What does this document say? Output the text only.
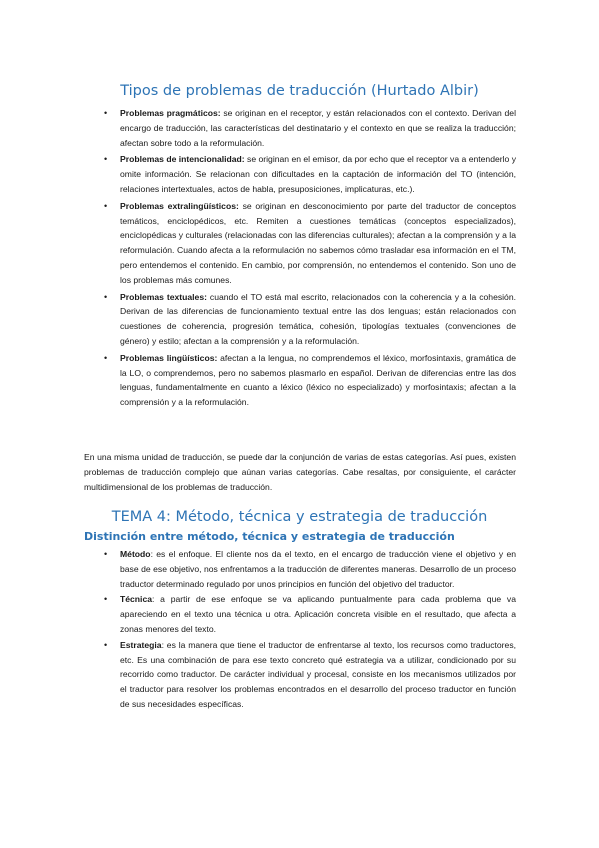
Tipos de problemas de traducción (Hurtado Albir)
• Problemas pragmáticos: se originan en el receptor, y están relacionados con el contexto. Derivan del encargo de traducción, las características del destinatario y el contexto en que se realiza la traducción; afectan sobre todo a la reformulación.
• Problemas de intencionalidad: se originan en el emisor, da por echo que el receptor va a entenderlo y omite información. Se relacionan con dificultades en la captación de información del TO (intención, relaciones intertextuales, actos de habla, presuposiciones, implicaturas, etc.).
• Problemas extralingüísticos: se originan en desconocimiento por parte del traductor de conceptos temáticos, enciclopédicos, etc. Remiten a cuestiones temáticas (conceptos especializados), enciclopédicas y culturales (relacionadas con las diferencias culturales); afectan a la comprensión y a la reformulación. Cuando afecta a la reformulación no sabemos cómo trasladar esa información en el TM, pero entendemos el contenido. En cambio, por comprensión, no entendemos el contenido. Son uno de los problemas más comunes.
• Problemas textuales: cuando el TO está mal escrito, relacionados con la coherencia y a la cohesión. Derivan de las diferencias de funcionamiento textual entre las dos lenguas; están relacionados con cuestiones de coherencia, progresión temática, cohesión, tipologías textuales (convenciones de género) y estilo; afectan a la comprensión y a la reformulación.
• Problemas lingüísticos: afectan a la lengua, no comprendemos el léxico, morfosintaxis, gramática de la LO, o comprendemos, pero no sabemos plasmarlo en español. Derivan de diferencias entre las dos lenguas, fundamentalmente en cuanto a léxico (léxico no especializado) y morfosintaxis; afectan a la comprensión y a la reformulación.

En una misma unidad de traducción, se puede dar la conjunción de varias de estas categorías. Así pues, existen problemas de traducción complejo que aúnan varias categorías. Cabe resaltas, por consiguiente, el carácter multidimensional de los problemas de traducción.

TEMA 4: Método, técnica y estrategia de traducción
Distinción entre método, técnica y estrategia de traducción
• Método: es el enfoque. El cliente nos da el texto, en el encargo de traducción viene el objetivo y en base de ese objetivo, nos enfrentamos a la traducción de diferentes maneras. Desarrollo de un proceso traductor determinado regulado por unos principios en función del objetivo del traductor.
• Técnica: a partir de ese enfoque se va aplicando puntualmente para cada problema que va apareciendo en el texto una técnica u otra. Aplicación concreta visible en el resultado, que afecta a zonas menores del texto.
• Estrategia: es la manera que tiene el traductor de enfrentarse al texto, los recursos como traductores, etc. Es una combinación de para ese texto concreto qué estrategia va a utilizar, condicionado por su recorrido como traductor. De carácter individual y procesal, consiste en los mecanismos utilizados por el traductor para resolver los problemas encontrados en el desarrollo del proceso traductor en función de sus necesidades específicas.
